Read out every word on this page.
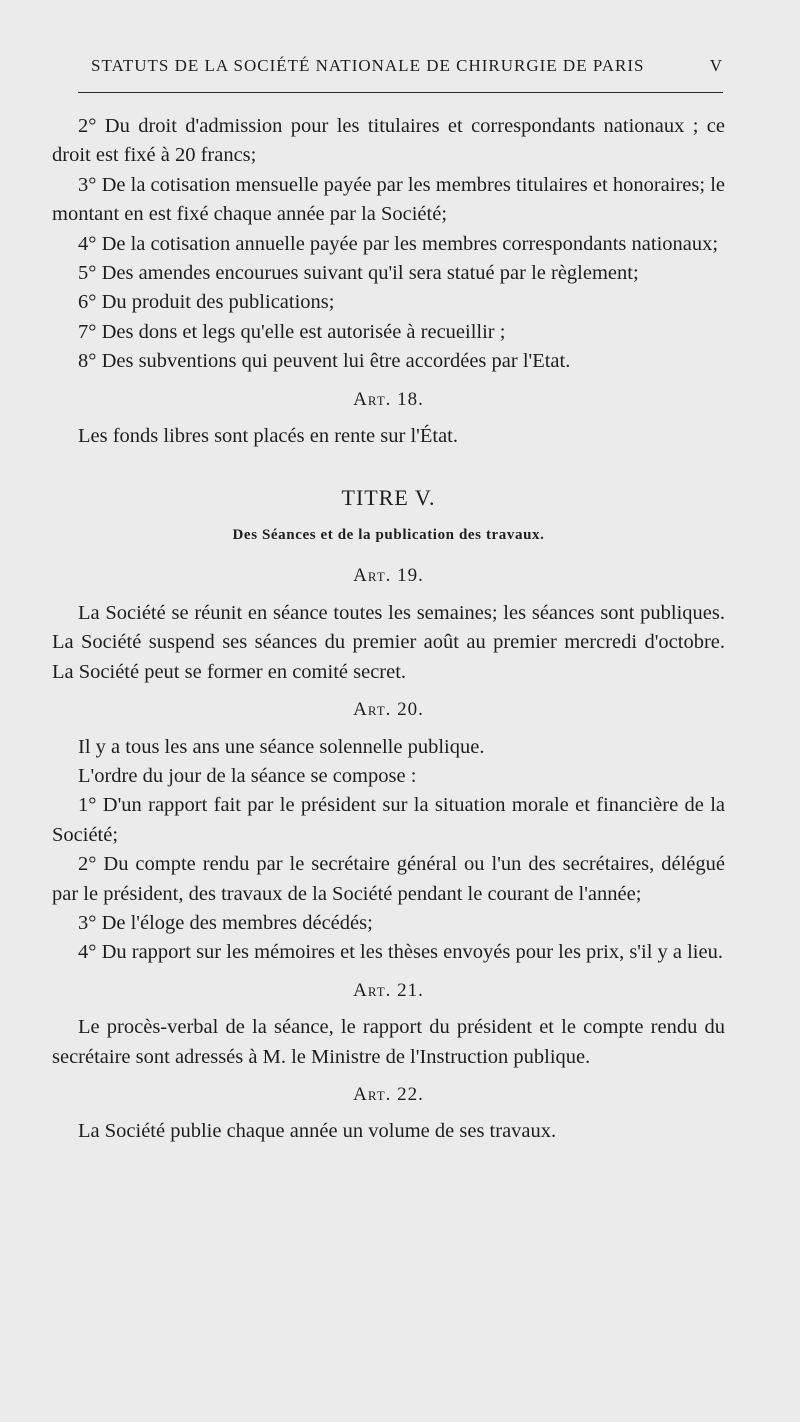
STATUTS DE LA SOCIÉTÉ NATIONALE DE CHIRURGIE DE PARIS	V

2° Du droit d'admission pour les titulaires et correspondants nationaux ; ce droit est fixé à 20 francs;

3° De la cotisation mensuelle payée par les membres titulaires et honoraires; le montant en est fixé chaque année par la Société;

4° De la cotisation annuelle payée par les membres correspondants nationaux;

5° Des amendes encourues suivant qu'il sera statué par le règlement;

6° Du produit des publications;

7° Des dons et legs qu'elle est autorisée à recueillir ;

8° Des subventions qui peuvent lui être accordées par l'Etat.

Art. 18.

Les fonds libres sont placés en rente sur l'État.

TITRE V.
Des Séances et de la publication des travaux.
Art. 19.

La Société se réunit en séance toutes les semaines; les séances sont publiques. La Société suspend ses séances du premier août au premier mercredi d'octobre. La Société peut se former en comité secret.

Art. 20.

Il y a tous les ans une séance solennelle publique.

L'ordre du jour de la séance se compose :

1° D'un rapport fait par le président sur la situation morale et financière de la Société;

2° Du compte rendu par le secrétaire général ou l'un des secrétaires, délégué par le président, des travaux de la Société pendant le courant de l'année;

3° De l'éloge des membres décédés;

4° Du rapport sur les mémoires et les thèses envoyés pour les prix, s'il y a lieu.

Art. 21.

Le procès-verbal de la séance, le rapport du président et le compte rendu du secrétaire sont adressés à M. le Ministre de l'Instruction publique.

Art. 22.

La Société publie chaque année un volume de ses travaux.
